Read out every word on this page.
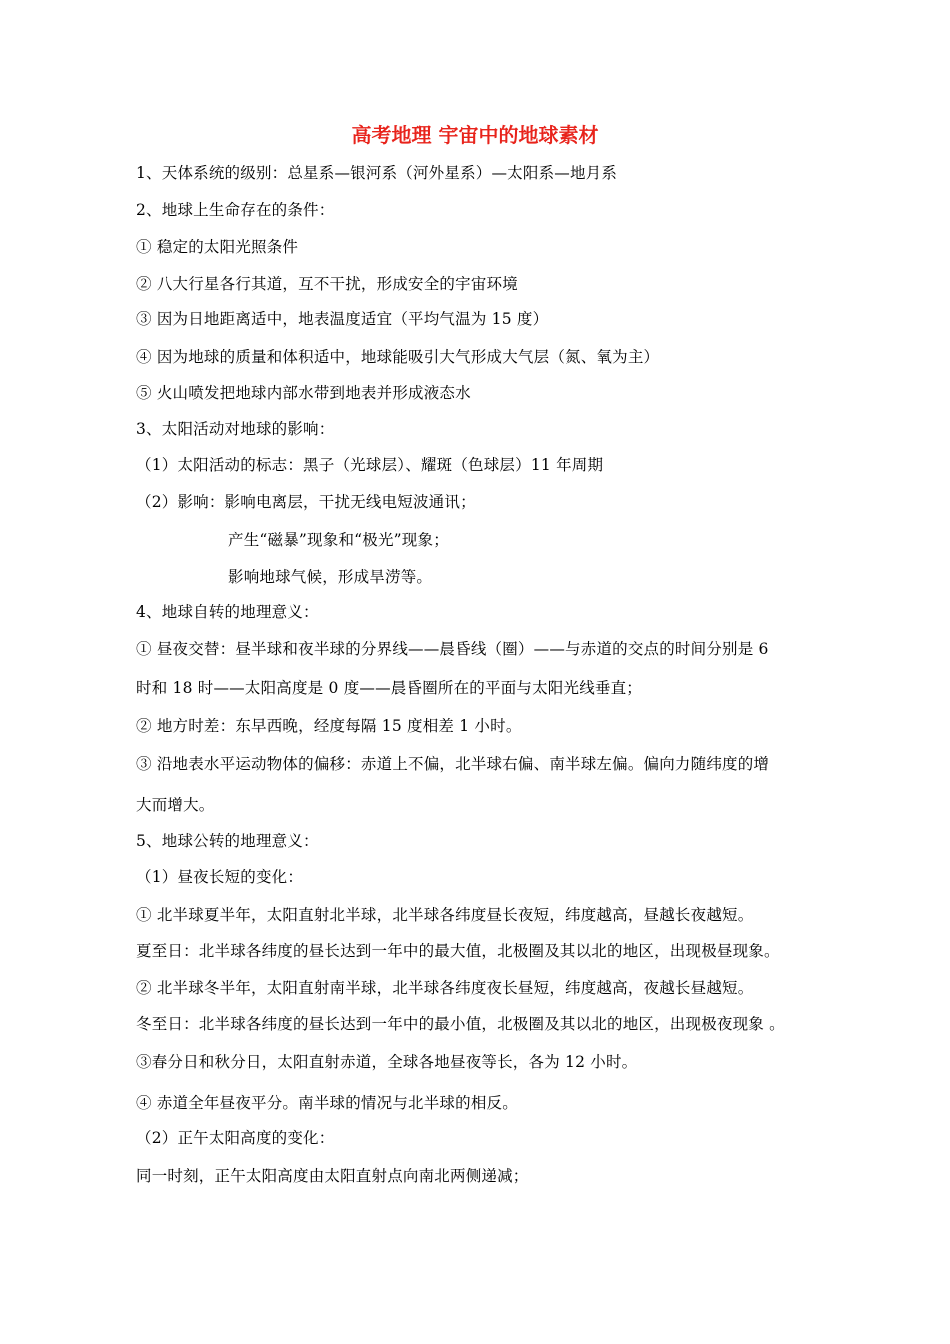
高考地理 宇宙中的地球素材
1、天体系统的级别：总星系—银河系（河外星系）—太阳系—地月系
2、地球上生命存在的条件：
① 稳定的太阳光照条件
② 八大行星各行其道，互不干扰，形成安全的宇宙环境
③ 因为日地距离适中，地表温度适宜（平均气温为 15 度）
④ 因为地球的质量和体积适中，地球能吸引大气形成大气层（氮、氧为主）
⑤ 火山喷发把地球内部水带到地表并形成液态水
3、太阳活动对地球的影响：
（1）太阳活动的标志：黑子（光球层）、耀斑（色球层）11 年周期
（2）影响：影响电离层，干扰无线电短波通讯；
产生“磁暴”现象和“极光”现象；
影响地球气候，形成旱涝等。
4、地球自转的地理意义：
① 昼夜交替：昼半球和夜半球的分界线——晨昏线（圈）——与赤道的交点的时间分别是 6
时和 18 时——太阳高度是 0 度——晨昏圈所在的平面与太阳光线垂直；
② 地方时差：东早西晚，经度每隔 15 度相差 1 小时。
③ 沿地表水平运动物体的偏移：赤道上不偏，北半球右偏、南半球左偏。偏向力随纬度的增
大而增大。
5、地球公转的地理意义：
（1）昼夜长短的变化：
① 北半球夏半年，太阳直射北半球，北半球各纬度昼长夜短，纬度越高，昼越长夜越短。
夏至日：北半球各纬度的昼长达到一年中的最大值，北极圈及其以北的地区，出现极昼现象。
② 北半球冬半年，太阳直射南半球，北半球各纬度夜长昼短，纬度越高，夜越长昼越短。
冬至日：北半球各纬度的昼长达到一年中的最小值，北极圈及其以北的地区，出现极夜现象 。
③春分日和秋分日，太阳直射赤道，全球各地昼夜等长，各为 12 小时。
④ 赤道全年昼夜平分。南半球的情况与北半球的相反。
（2）正午太阳高度的变化：
同一时刻，正午太阳高度由太阳直射点向南北两侧递减；
